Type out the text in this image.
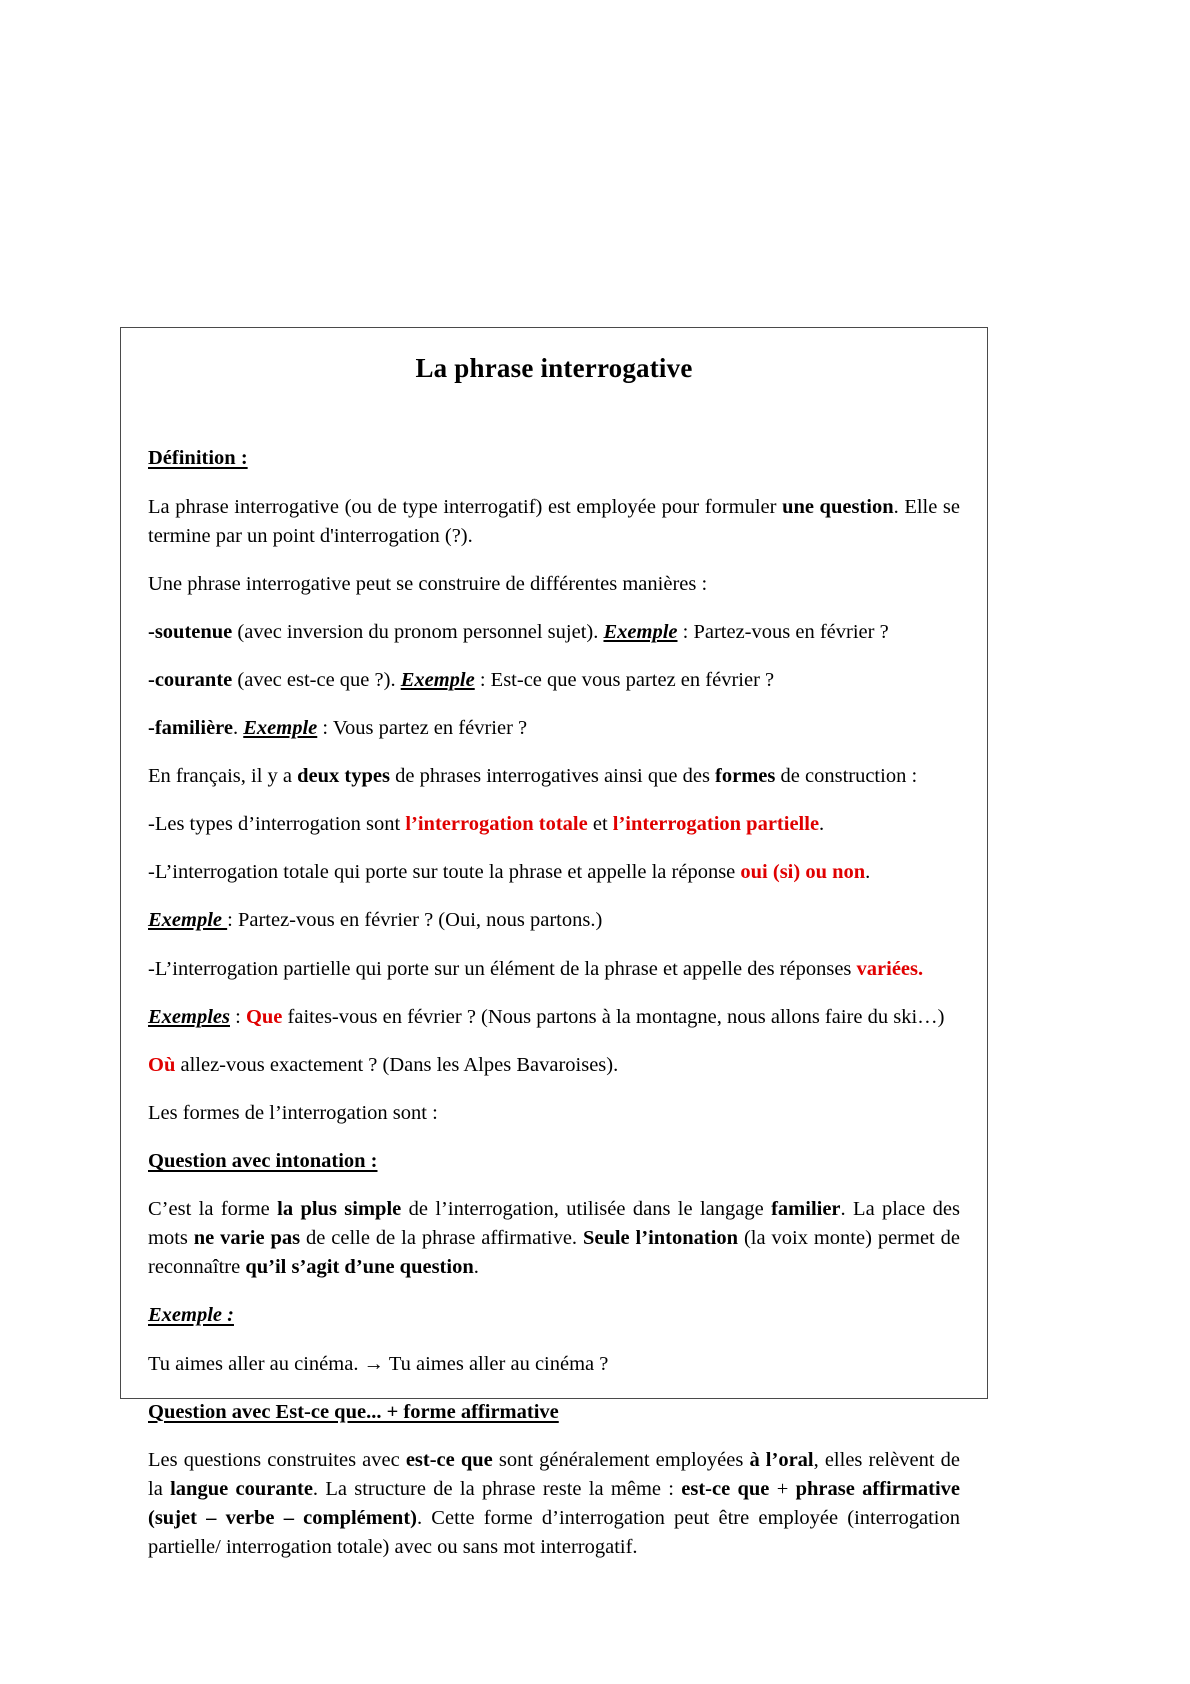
La phrase interrogative
Définition :

La phrase interrogative (ou de type interrogatif) est employée pour formuler une question. Elle se termine par un point d'interrogation (?).

Une phrase interrogative peut se construire de différentes manières :

-soutenue (avec inversion du pronom personnel sujet). Exemple : Partez-vous en février ?

-courante (avec est-ce que ?). Exemple : Est-ce que vous partez en février ?

-familière. Exemple : Vous partez en février ?

En français, il y a deux types de phrases interrogatives ainsi que des formes de construction :

-Les types d’interrogation sont l’interrogation totale et l’interrogation partielle.

-L’interrogation totale qui porte sur toute la phrase et appelle la réponse oui (si) ou non.

Exemple : Partez-vous en février ? (Oui, nous partons.)

-L’interrogation partielle qui porte sur un élément de la phrase et appelle des réponses variées.

Exemples : Que faites-vous en février ? (Nous partons à la montagne, nous allons faire du ski…)

Où allez-vous exactement ? (Dans les Alpes Bavaroises).

Les formes de l’interrogation sont :

Question avec intonation :

C’est la forme la plus simple de l’interrogation, utilisée dans le langage familier. La place des mots ne varie pas de celle de la phrase affirmative. Seule l’intonation (la voix monte) permet de reconnaître qu’il s’agit d’une question.

Exemple :

Tu aimes aller au cinéma. → Tu aimes aller au cinéma ?

Question avec Est-ce que... + forme affirmative

Les questions construites avec est-ce que sont généralement employées à l’oral, elles relèvent de la langue courante. La structure de la phrase reste la même : est-ce que + phrase affirmative (sujet – verbe – complément). Cette forme d’interrogation peut être employée (interrogation partielle/ interrogation totale) avec ou sans mot interrogatif.
